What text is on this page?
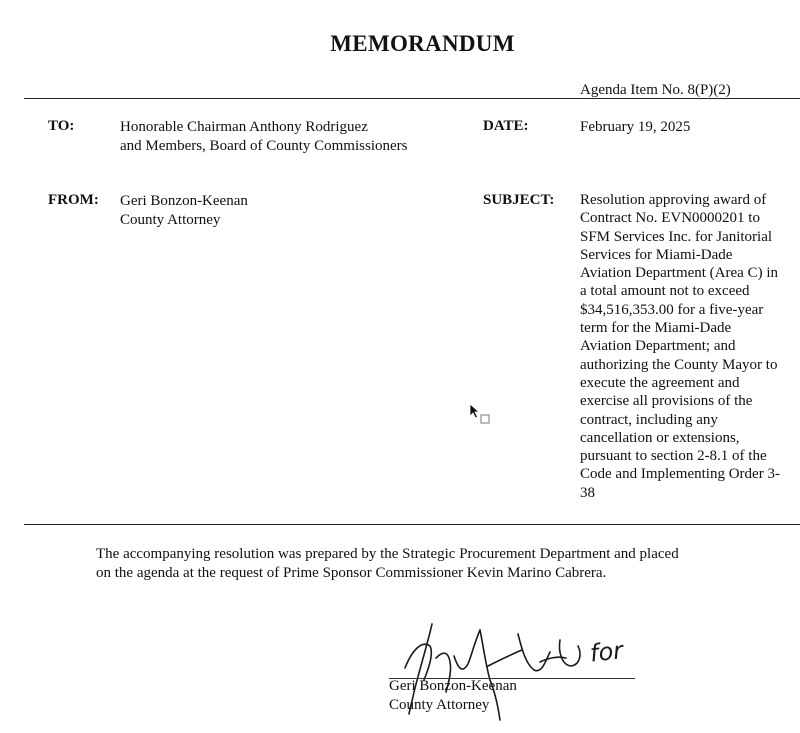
MEMORANDUM
Agenda Item No. 8(P)(2)
TO:	Honorable Chairman Anthony Rodriguez
and Members, Board of County Commissioners
DATE:	February 19, 2025
FROM: Geri Bonzon-Keenan
County Attorney
SUBJECT: Resolution approving award of
Contract No. EVN0000201 to
SFM Services Inc. for Janitorial
Services for Miami-Dade
Aviation Department (Area C) in
a total amount not to exceed
$34,516,353.00 for a five-year
term for the Miami-Dade
Aviation Department; and
authorizing the County Mayor to
execute the agreement and
exercise all provisions of the
contract, including any
cancellation or extensions,
pursuant to section 2-8.1 of the
Code and Implementing Order 3-
38
The accompanying resolution was prepared by the Strategic Procurement Department and placed
on the agenda at the request of Prime Sponsor Commissioner Kevin Marino Cabrera.
for
Geri Bonzon-Keenan
County Attorney
